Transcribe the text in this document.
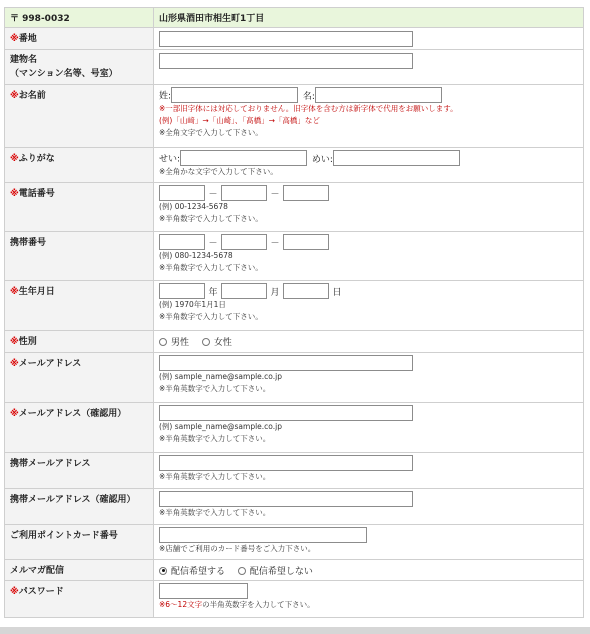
〒 998-0032	山形県酒田市相生町1丁目
※番地	
建物名
（マンション名等、号室）	
※お名前	姓: 名:
※一部旧字体には対応しておりません。旧字体を含む方は新字体で代用をお願いします。
(例)「山﨑」→「山崎」、「髙橋」→「高橋」など
※全角文字で入力して下さい。

※ふりがな	せい: めい:
※全角かな文字で入力して下さい。

※電話番号	－ －
(例) 00-1234-5678
※半角数字で入力して下さい。

携帯番号	－ －
(例) 080-1234-5678
※半角数字で入力して下さい。

※生年月日	年 月 日
(例) 1970年1月1日
※半角数字で入力して下さい。

※性別	男性 女性
※メールアドレス	(例) sample_name@sample.co.jp
※半角英数字で入力して下さい。

※メールアドレス（確認用）	(例) sample_name@sample.co.jp
※半角英数字で入力して下さい。

携帯メールアドレス	※半角英数字で入力して下さい。

携帯メールアドレス（確認用）	※半角英数字で入力して下さい。

ご利用ポイントカード番号	※店舗でご利用のカード番号をご入力下さい。

メルマガ配信	配信希望する 配信希望しない
※パスワード	※6～12文字の半角英数字を入力して下さい。
